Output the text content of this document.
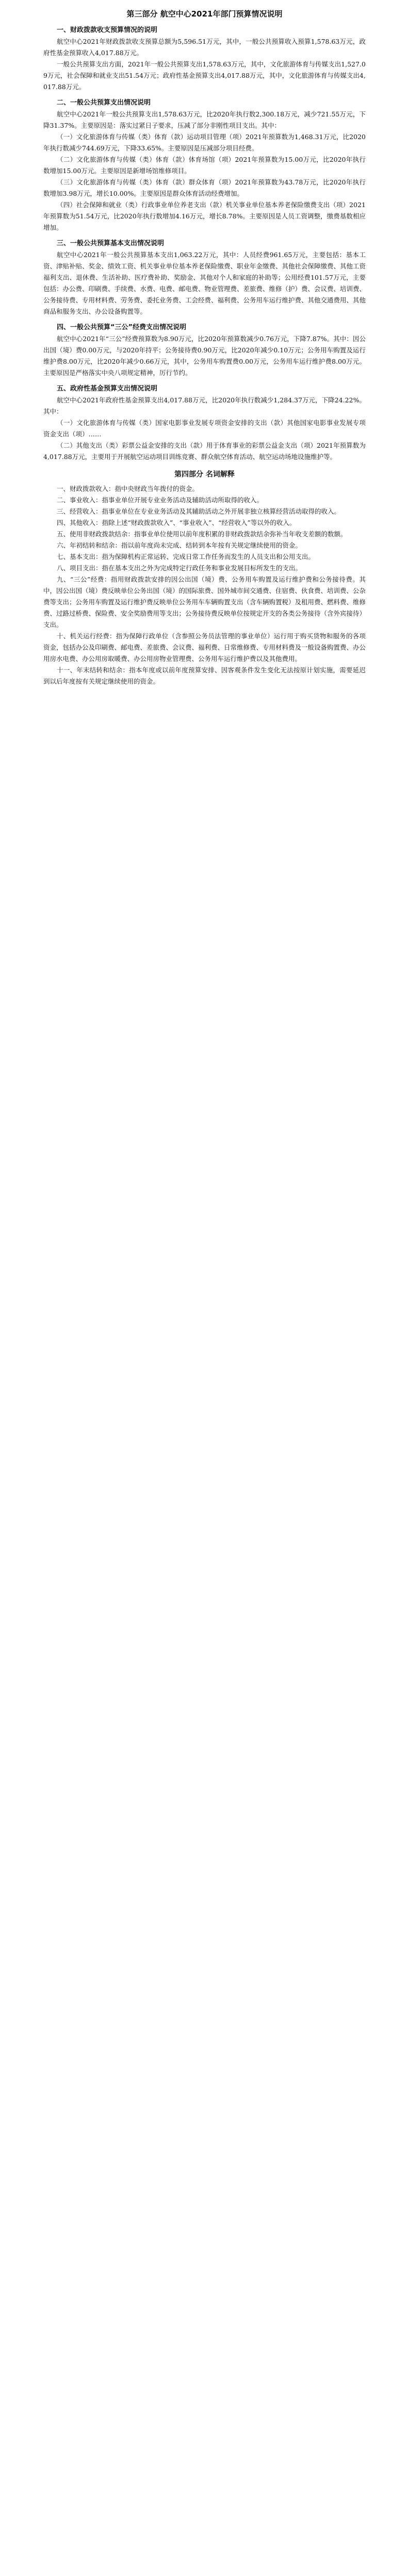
第三部分 航空中心2021年部门预算情况说明
一、财政拨款收支预算情况的说明

航空中心2021年财政拨款收支预算总额为5,596.51万元，其中，一般公共预算收入预算1,578.63万元，政府性基金预算收入4,017.88万元。

一般公共预算支出方面，2021年一般公共预算支出1,578.63万元，其中，文化旅游体育与传媒支出1,527.09万元，社会保障和就业支出51.54万元；政府性基金预算支出4,017.88万元，其中，文化旅游体育与传媒支出4,017.88万元。

二、一般公共预算支出情况说明

航空中心2021年一般公共预算支出1,578.63万元，比2020年执行数2,300.18万元，减少721.55万元，下降31.37%。主要原因是：落实过紧日子要求，压减了部分非刚性项目支出。其中：

（一）文化旅游体育与传媒（类）体育（款）运动项目管理（项）2021年预算数为1,468.31万元，比2020年执行数减少744.69万元，下降33.65%。主要原因是压减部分项目经费。

（二）文化旅游体育与传媒（类）体育（款）体育场馆（项）2021年预算数为15.00万元，比2020年执行数增加15.00万元。主要原因是新增场馆维修项目。

（三）文化旅游体育与传媒（类）体育（款）群众体育（项）2021年预算数为43.78万元，比2020年执行数增加3.98万元，增长10.00%。主要原因是群众体育活动经费增加。

（四）社会保障和就业（类）行政事业单位养老支出（款）机关事业单位基本养老保险缴费支出（项）2021年预算数为51.54万元，比2020年执行数增加4.16万元，增长8.78%。主要原因是人员工资调整，缴费基数相应增加。

三、一般公共预算基本支出情况说明

航空中心2021年一般公共预算基本支出1,063.22万元，其中：人员经费961.65万元，主要包括：基本工资、津贴补贴、奖金、绩效工资、机关事业单位基本养老保险缴费、职业年金缴费、其他社会保障缴费、其他工资福利支出、退休费、生活补助、医疗费补助、奖励金、其他对个人和家庭的补助等；公用经费101.57万元，主要包括：办公费、印刷费、手续费、水费、电费、邮电费、物业管理费、差旅费、维修（护）费、会议费、培训费、公务接待费、专用材料费、劳务费、委托业务费、工会经费、福利费、公务用车运行维护费、其他交通费用、其他商品和服务支出、办公设备购置等。

四、一般公共预算“三公”经费支出情况说明

航空中心2021年“三公”经费预算数为8.90万元，比2020年预算数减少0.76万元，下降7.87%。其中：因公出国（境）费0.00万元，与2020年持平；公务接待费0.90万元，比2020年减少0.10万元；公务用车购置及运行维护费8.00万元，比2020年减少0.66万元，其中，公务用车购置费0.00万元，公务用车运行维护费8.00万元。主要原因是严格落实中央八项规定精神，厉行节约。

五、政府性基金预算支出情况说明

航空中心2021年政府性基金预算支出4,017.88万元，比2020年执行数减少1,284.37万元，下降24.22%。其中：

（一）文化旅游体育与传媒（类）国家电影事业发展专项资金安排的支出（款）其他国家电影事业发展专项资金支出（项）……

（二）其他支出（类）彩票公益金安排的支出（款）用于体育事业的彩票公益金支出（项）2021年预算数为4,017.88万元，主要用于开展航空运动项目训练竞赛、群众航空体育活动、航空运动场地设施维护等。

第四部分 名词解释

一、财政拨款收入：指中央财政当年拨付的资金。

二、事业收入：指事业单位开展专业业务活动及辅助活动所取得的收入。

三、经营收入：指事业单位在专业业务活动及其辅助活动之外开展非独立核算经营活动取得的收入。

四、其他收入：指除上述“财政拨款收入”、“事业收入”、“经营收入”等以外的收入。

五、使用非财政拨款结余：指事业单位使用以前年度积累的非财政拨款结余弥补当年收支差额的数额。

六、年初结转和结余：指以前年度尚未完成、结转到本年按有关规定继续使用的资金。

七、基本支出：指为保障机构正常运转、完成日常工作任务而发生的人员支出和公用支出。

八、项目支出：指在基本支出之外为完成特定行政任务和事业发展目标所发生的支出。

九、“三公”经费：指用财政拨款安排的因公出国（境）费、公务用车购置及运行维护费和公务接待费。其中，因公出国（境）费反映单位公务出国（境）的国际旅费、国外城市间交通费、住宿费、伙食费、培训费、公杂费等支出；公务用车购置及运行维护费反映单位公务用车车辆购置支出（含车辆购置税）及租用费、燃料费、维修费、过路过桥费、保险费、安全奖励费用等支出；公务接待费反映单位按规定开支的各类公务接待（含外宾接待）支出。

十、机关运行经费：指为保障行政单位（含参照公务员法管理的事业单位）运行用于购买货物和服务的各项资金，包括办公及印刷费、邮电费、差旅费、会议费、福利费、日常维修费、专用材料费及一般设备购置费、办公用房水电费、办公用房取暖费、办公用房物业管理费、公务用车运行维护费以及其他费用。

十一、年末结转和结余：指本年度或以前年度预算安排、因客观条件发生变化无法按原计划实施，需要延迟到以后年度按有关规定继续使用的资金。
